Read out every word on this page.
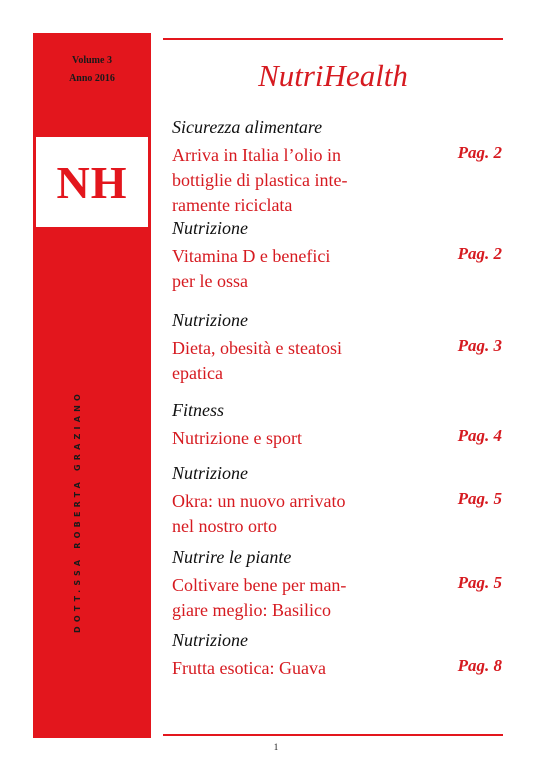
Volume 3
Anno 2016
NH
DOTT.SSA ROBERTA GRAZIANO
NutriHealth
Sicurezza alimentare
Arriva in Italia l’olio in
bottiglie di plastica inte-
ramente riciclata
Pag. 2
Nutrizione
Vitamina D e benefici
per le ossa
Pag. 2
Nutrizione
Dieta, obesità e steatosi
epatica
Pag. 3
Fitness
Nutrizione e sport	Pag. 4
Nutrizione
Okra: un nuovo arrivato
nel nostro orto
Pag. 5
Nutrire le piante
Coltivare bene per man-
giare meglio: Basilico
Pag. 5
Nutrizione
Frutta esotica: Guava	Pag. 8
1
